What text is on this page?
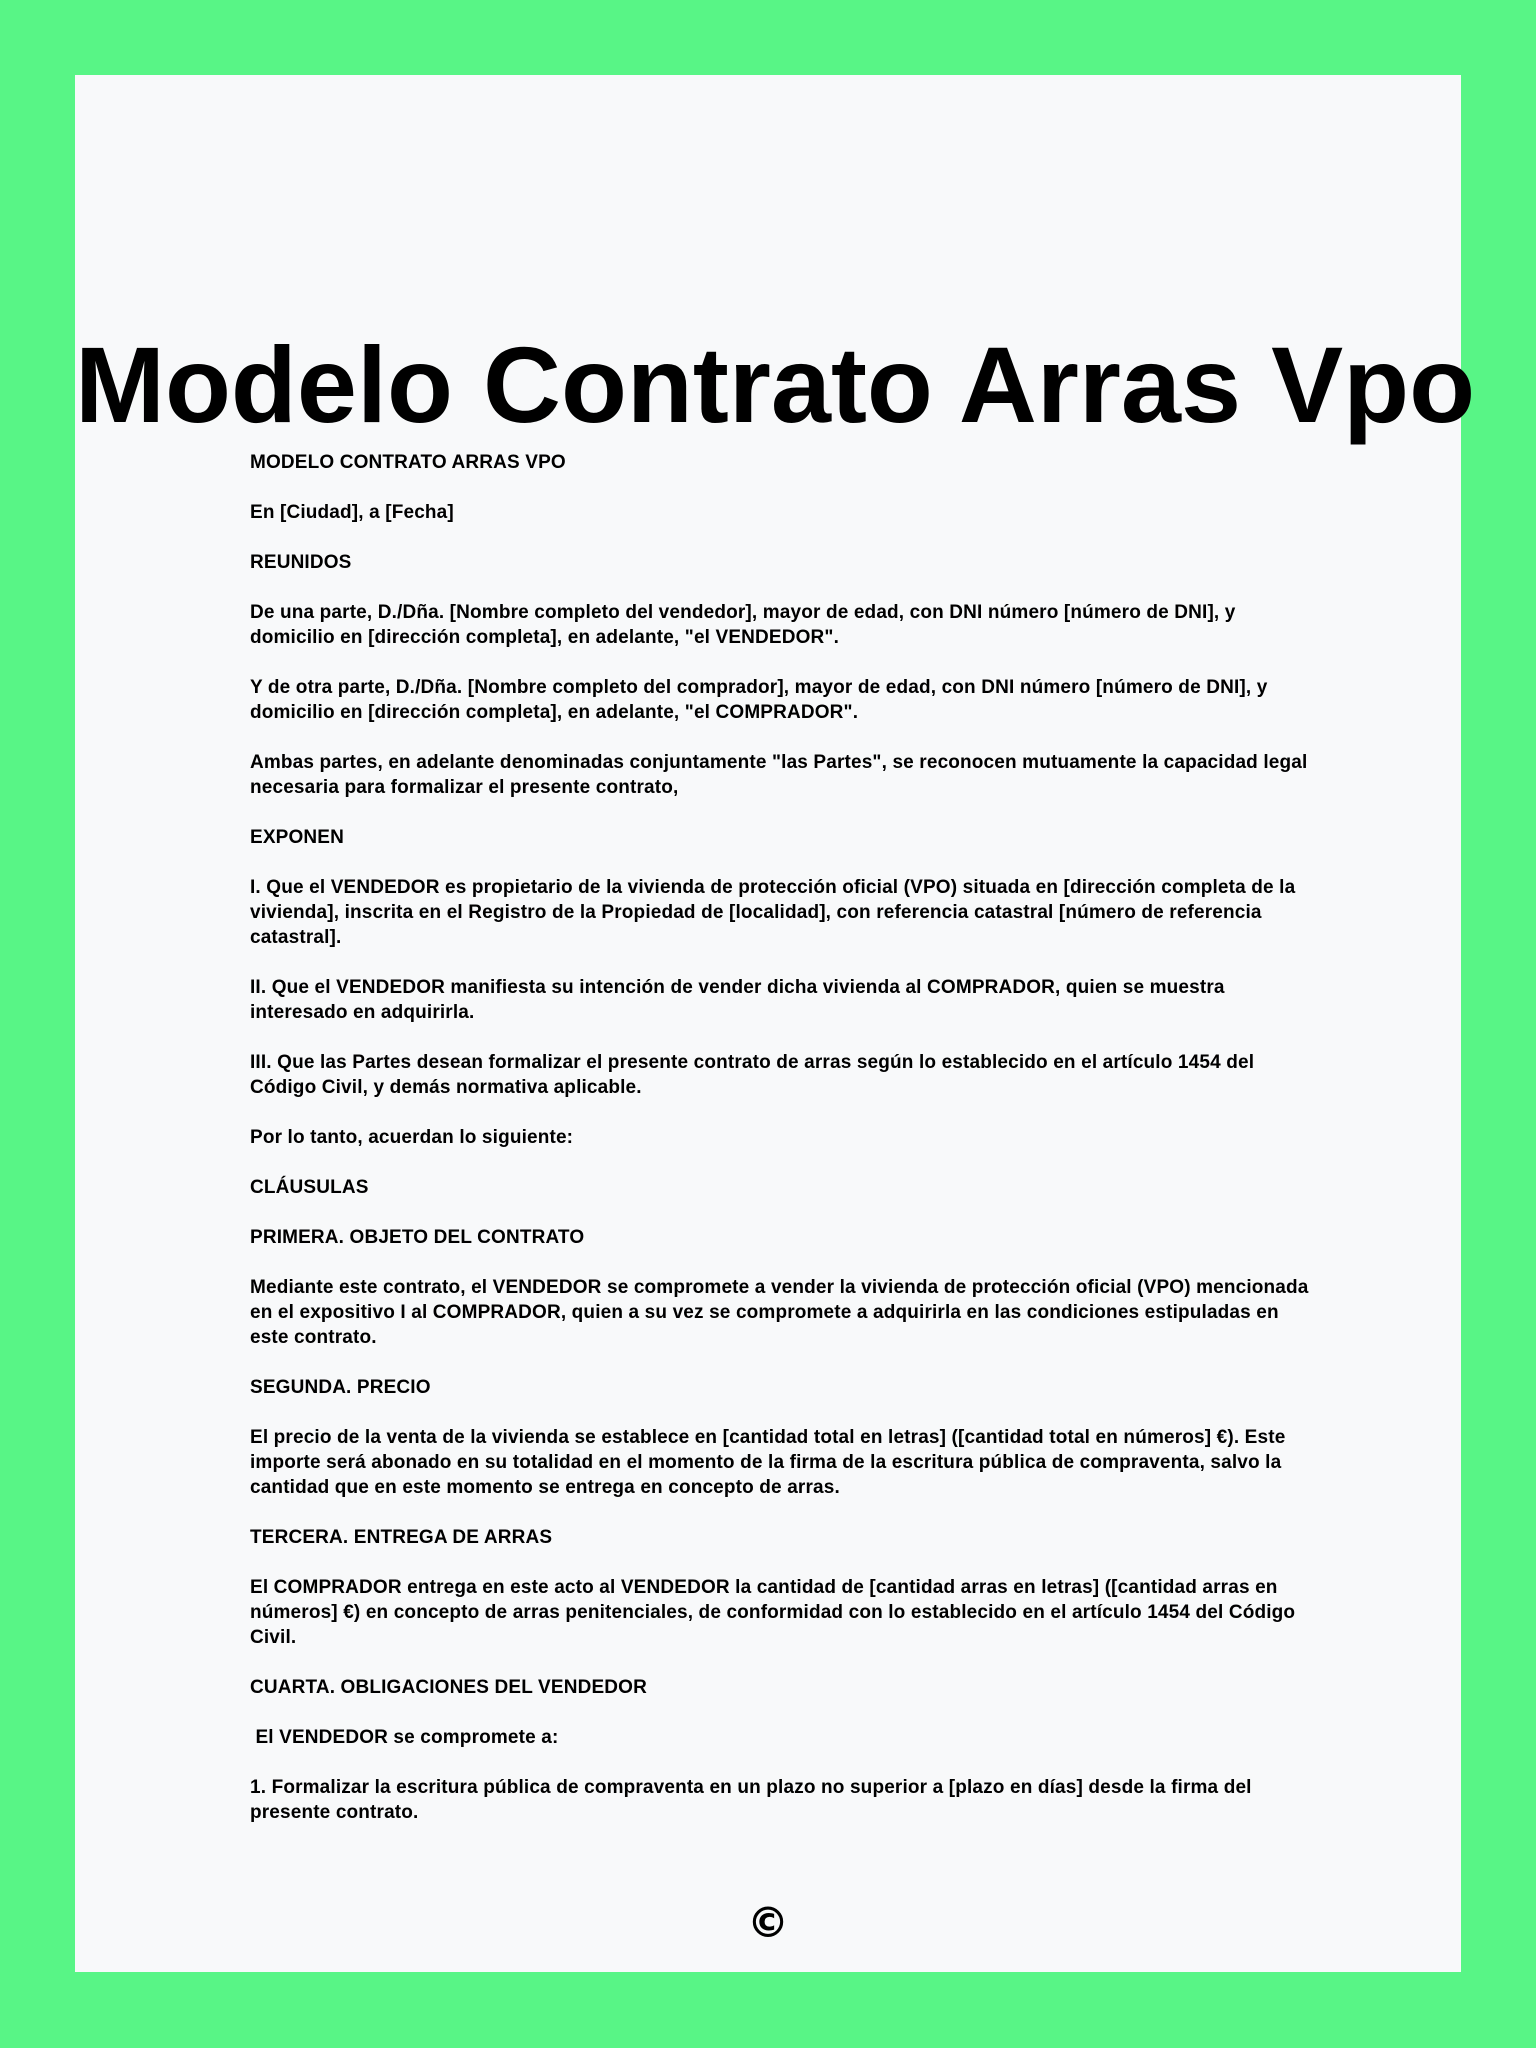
Modelo Contrato Arras Vpo

MODELO CONTRATO ARRAS VPO

En [Ciudad], a [Fecha]

REUNIDOS

De una parte, D./Dña. [Nombre completo del vendedor], mayor de edad, con DNI número [número de DNI], y domicilio en [dirección completa], en adelante, "el VENDEDOR".

Y de otra parte, D./Dña. [Nombre completo del comprador], mayor de edad, con DNI número [número de DNI], y domicilio en [dirección completa], en adelante, "el COMPRADOR".

Ambas partes, en adelante denominadas conjuntamente "las Partes", se reconocen mutuamente la capacidad legal necesaria para formalizar el presente contrato,

EXPONEN

I. Que el VENDEDOR es propietario de la vivienda de protección oficial (VPO) situada en [dirección completa de la vivienda], inscrita en el Registro de la Propiedad de [localidad], con referencia catastral [número de referencia catastral].

II. Que el VENDEDOR manifiesta su intención de vender dicha vivienda al COMPRADOR, quien se muestra interesado en adquirirla.

III. Que las Partes desean formalizar el presente contrato de arras según lo establecido en el artículo 1454 del Código Civil, y demás normativa aplicable.

Por lo tanto, acuerdan lo siguiente:

CLÁUSULAS

PRIMERA. OBJETO DEL CONTRATO

Mediante este contrato, el VENDEDOR se compromete a vender la vivienda de protección oficial (VPO) mencionada en el expositivo I al COMPRADOR, quien a su vez se compromete a adquirirla en las condiciones estipuladas en este contrato.

SEGUNDA. PRECIO

El precio de la venta de la vivienda se establece en [cantidad total en letras] ([cantidad total en números] €). Este importe será abonado en su totalidad en el momento de la firma de la escritura pública de compraventa, salvo la cantidad que en este momento se entrega en concepto de arras.

TERCERA. ENTREGA DE ARRAS

El COMPRADOR entrega en este acto al VENDEDOR la cantidad de [cantidad arras en letras] ([cantidad arras en números] €) en concepto de arras penitenciales, de conformidad con lo establecido en el artículo 1454 del Código Civil.

CUARTA. OBLIGACIONES DEL VENDEDOR

El VENDEDOR se compromete a:

1. Formalizar la escritura pública de compraventa en un plazo no superior a [plazo en días] desde la firma del presente contrato.

©
